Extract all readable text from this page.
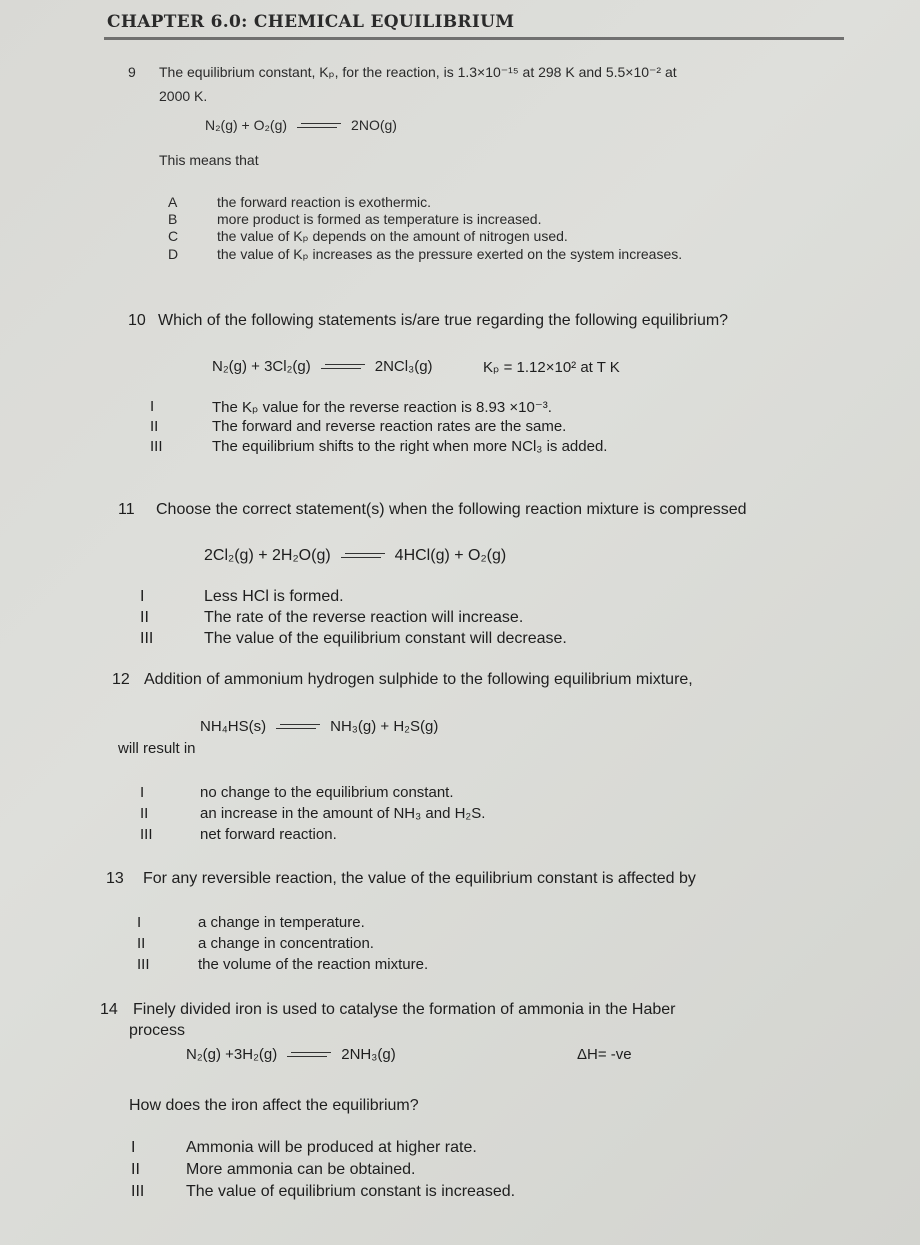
CHAPTER 6.0: CHEMICAL EQUILIBRIUM
9 The equilibrium constant, Kₚ, for the reaction, is 1.3×10⁻¹⁵ at 298 K and 5.5×10⁻² at
2000 K.
N₂(g) + O₂(g)	2NO(g)
This means that
A	the forward reaction is exothermic.
B	more product is formed as temperature is increased.
C	the value of Kₚ depends on the amount of nitrogen used.
D	the value of Kₚ increases as the pressure exerted on the system increases.
10 Which of the following statements is/are true regarding the following equilibrium?
N₂(g) + 3Cl₂(g)	2NCl₃(g)	Kₚ = 1.12×10² at T K
I	The Kₚ value for the reverse reaction is 8.93 ×10⁻³.
II	The forward and reverse reaction rates are the same.
III	The equilibrium shifts to the right when more NCl₃ is added.
11 Choose the correct statement(s) when the following reaction mixture is compressed
2Cl₂(g) + 2H₂O(g)	4HCl(g) + O₂(g)
I	Less HCl is formed.
II	The rate of the reverse reaction will increase.
III	The value of the equilibrium constant will decrease.
12 Addition of ammonium hydrogen sulphide to the following equilibrium mixture,
NH₄HS(s)	NH₃(g) + H₂S(g)
will result in
I	no change to the equilibrium constant.
II	an increase in the amount of NH₃ and H₂S.
III	net forward reaction.
13 For any reversible reaction, the value of the equilibrium constant is affected by
I	a change in temperature.
II	a change in concentration.
III	the volume of the reaction mixture.
14 Finely divided iron is used to catalyse the formation of ammonia in the Haber
process
N₂(g) +3H₂(g)	2NH₃(g)	ΔH= -ve
How does the iron affect the equilibrium?
I	Ammonia will be produced at higher rate.
II	More ammonia can be obtained.
III	The value of equilibrium constant is increased.
